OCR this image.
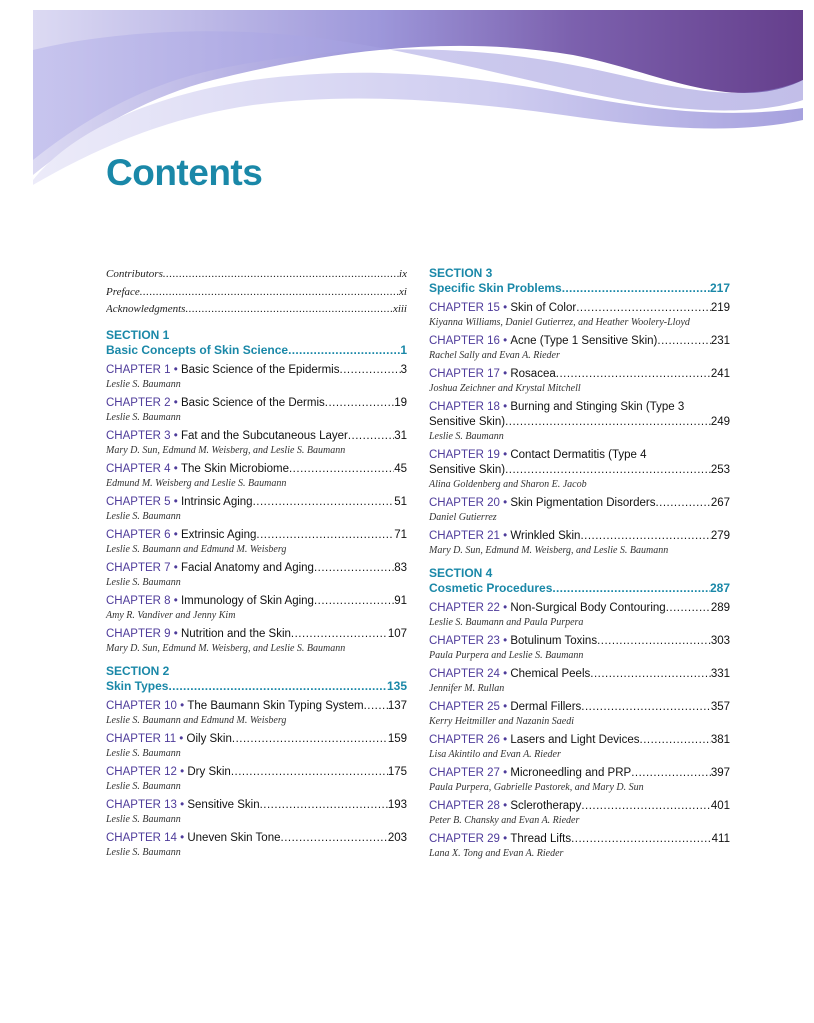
Contents
Contributors .....	ix
Preface .....	xi
Acknowledgments .....	xiii
SECTION 1
Basic Concepts of Skin Science .....	1
CHAPTER 1 • Basic Science of the Epidermis .....	3
Leslie S. Baumann
CHAPTER 2 • Basic Science of the Dermis .....	19
Leslie S. Baumann
CHAPTER 3 • Fat and the Subcutaneous Layer .....	31
Mary D. Sun, Edmund M. Weisberg, and Leslie S. Baumann
CHAPTER 4 • The Skin Microbiome .....	45
Edmund M. Weisberg and Leslie S. Baumann
CHAPTER 5 • Intrinsic Aging .....	51
Leslie S. Baumann
CHAPTER 6 • Extrinsic Aging .....	71
Leslie S. Baumann and Edmund M. Weisberg
CHAPTER 7 • Facial Anatomy and Aging .....	83
Leslie S. Baumann
CHAPTER 8 • Immunology of Skin Aging .....	91
Amy R. Vandiver and Jenny Kim
CHAPTER 9 • Nutrition and the Skin .....	107
Mary D. Sun, Edmund M. Weisberg, and Leslie S. Baumann
SECTION 2
Skin Types .....	135
CHAPTER 10 • The Baumann Skin Typing System ..... 137
Leslie S. Baumann and Edmund M. Weisberg
CHAPTER 11 • Oily Skin .....	159
Leslie S. Baumann
CHAPTER 12 • Dry Skin .....	175
Leslie S. Baumann
CHAPTER 13 • Sensitive Skin .....	193
Leslie S. Baumann
CHAPTER 14 • Uneven Skin Tone .....	203
Leslie S. Baumann
SECTION 3
Specific Skin Problems .....	217
CHAPTER 15 • Skin of Color .....	219
Kiyanna Williams, Daniel Gutierrez, and Heather Woolery-Lloyd
CHAPTER 16 • Acne (Type 1 Sensitive Skin) .....	231
Rachel Sally and Evan A. Rieder
CHAPTER 17 • Rosacea .....	241
Joshua Zeichner and Krystal Mitchell
CHAPTER 18 • Burning and Stinging Skin (Type 3
Sensitive Skin) .....	249
Leslie S. Baumann
CHAPTER 19 • Contact Dermatitis (Type 4
Sensitive Skin) .....	253
Alina Goldenberg and Sharon E. Jacob
CHAPTER 20 • Skin Pigmentation Disorders .....	267
Daniel Gutierrez
CHAPTER 21 • Wrinkled Skin .....	279
Mary D. Sun, Edmund M. Weisberg, and Leslie S. Baumann
SECTION 4
Cosmetic Procedures .....	287
CHAPTER 22 • Non-Surgical Body Contouring .....	289
Leslie S. Baumann and Paula Purpera
CHAPTER 23 • Botulinum Toxins .....	303
Paula Purpera and Leslie S. Baumann
CHAPTER 24 • Chemical Peels .....	331
Jennifer M. Rullan
CHAPTER 25 • Dermal Fillers .....	357
Kerry Heitmiller and Nazanin Saedi
CHAPTER 26 • Lasers and Light Devices .....	381
Lisa Akintilo and Evan A. Rieder
CHAPTER 27 • Microneedling and PRP .....	397
Paula Purpera, Gabrielle Pastorek, and Mary D. Sun
CHAPTER 28 • Sclerotherapy .....	401
Peter B. Chansky and Evan A. Rieder
CHAPTER 29 • Thread Lifts .....	411
Lana X. Tong and Evan A. Rieder
